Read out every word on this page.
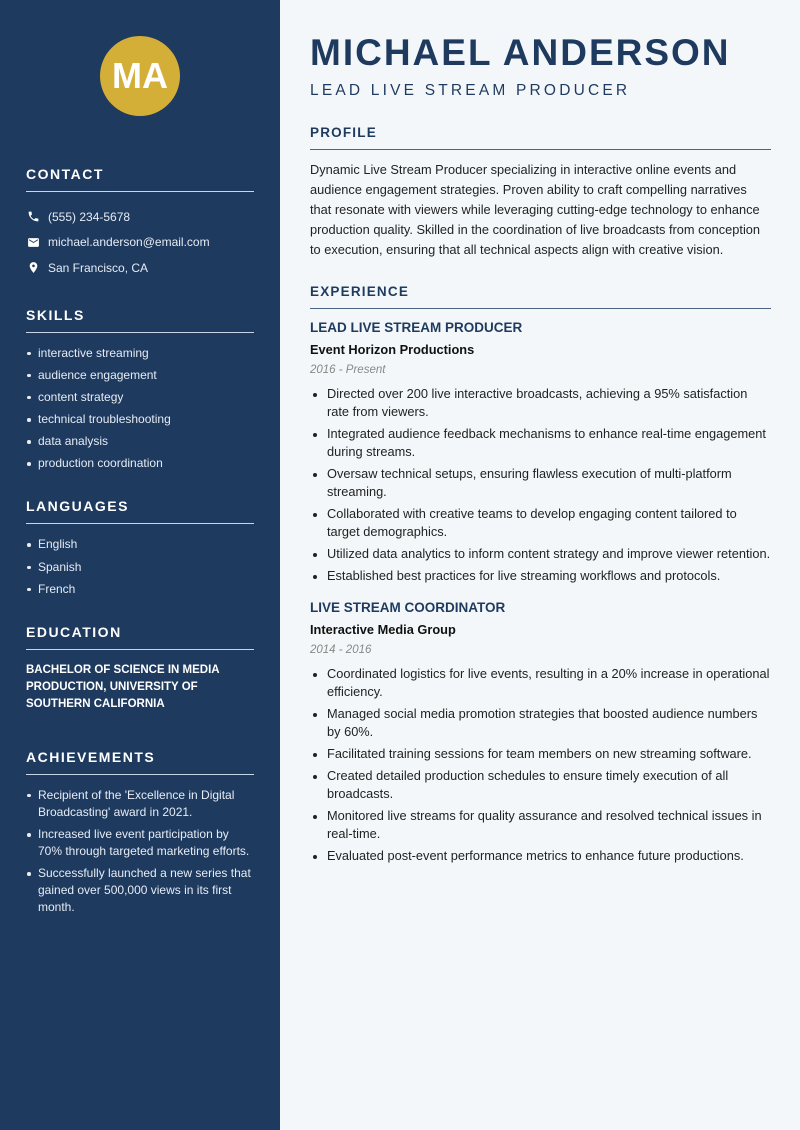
MA
CONTACT
(555) 234-5678
michael.anderson@email.com
San Francisco, CA
SKILLS
interactive streaming
audience engagement
content strategy
technical troubleshooting
data analysis
production coordination
LANGUAGES
English
Spanish
French
EDUCATION

BACHELOR OF SCIENCE IN MEDIA PRODUCTION, UNIVERSITY OF SOUTHERN CALIFORNIA

ACHIEVEMENTS
Recipient of the 'Excellence in Digital Broadcasting' award in 2021.
Increased live event participation by 70% through targeted marketing efforts.
Successfully launched a new series that gained over 500,000 views in its first month.
MICHAEL ANDERSON
LEAD LIVE STREAM PRODUCER
PROFILE

Dynamic Live Stream Producer specializing in interactive online events and audience engagement strategies. Proven ability to craft compelling narratives that resonate with viewers while leveraging cutting-edge technology to enhance production quality. Skilled in the coordination of live broadcasts from conception to execution, ensuring that all technical aspects align with creative vision.

EXPERIENCE
LEAD LIVE STREAM PRODUCER
Event Horizon Productions
2016 - Present
Directed over 200 live interactive broadcasts, achieving a 95% satisfaction rate from viewers.
Integrated audience feedback mechanisms to enhance real-time engagement during streams.
Oversaw technical setups, ensuring flawless execution of multi-platform streaming.
Collaborated with creative teams to develop engaging content tailored to target demographics.
Utilized data analytics to inform content strategy and improve viewer retention.
Established best practices for live streaming workflows and protocols.
LIVE STREAM COORDINATOR
Interactive Media Group
2014 - 2016
Coordinated logistics for live events, resulting in a 20% increase in operational efficiency.
Managed social media promotion strategies that boosted audience numbers by 60%.
Facilitated training sessions for team members on new streaming software.
Created detailed production schedules to ensure timely execution of all broadcasts.
Monitored live streams for quality assurance and resolved technical issues in real-time.
Evaluated post-event performance metrics to enhance future productions.
